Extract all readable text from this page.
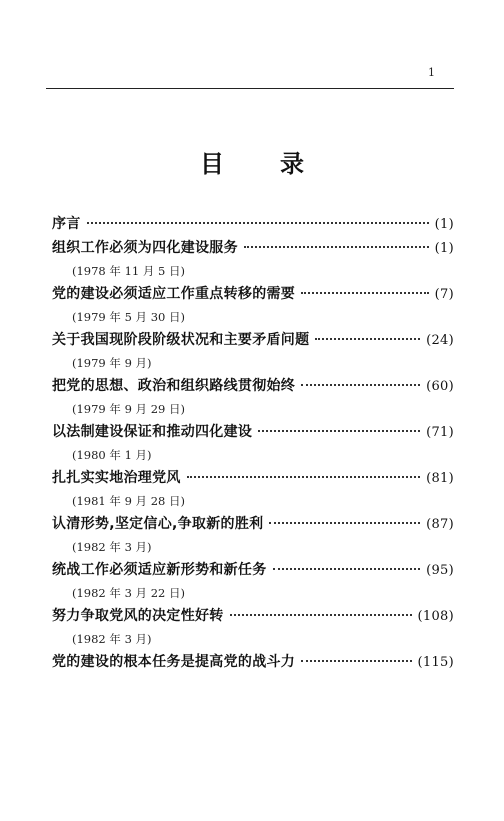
1
目 录
序言	(1)
组织工作必须为四化建设服务	(1)
(1978 年 11 月 5 日)
党的建设必须适应工作重点转移的需要	(7)
(1979 年 5 月 30 日)
关于我国现阶段阶级状况和主要矛盾问题	(24)
(1979 年 9 月)
把党的思想、政治和组织路线贯彻始终	(60)
(1979 年 9 月 29 日)
以法制建设保证和推动四化建设	(71)
(1980 年 1 月)
扎扎实实地治理党风	(81)
(1981 年 9 月 28 日)
认清形势,坚定信心,争取新的胜利	(87)
(1982 年 3 月)
统战工作必须适应新形势和新任务	(95)
(1982 年 3 月 22 日)
努力争取党风的决定性好转	(108)
(1982 年 3 月)
党的建设的根本任务是提高党的战斗力	(115)
